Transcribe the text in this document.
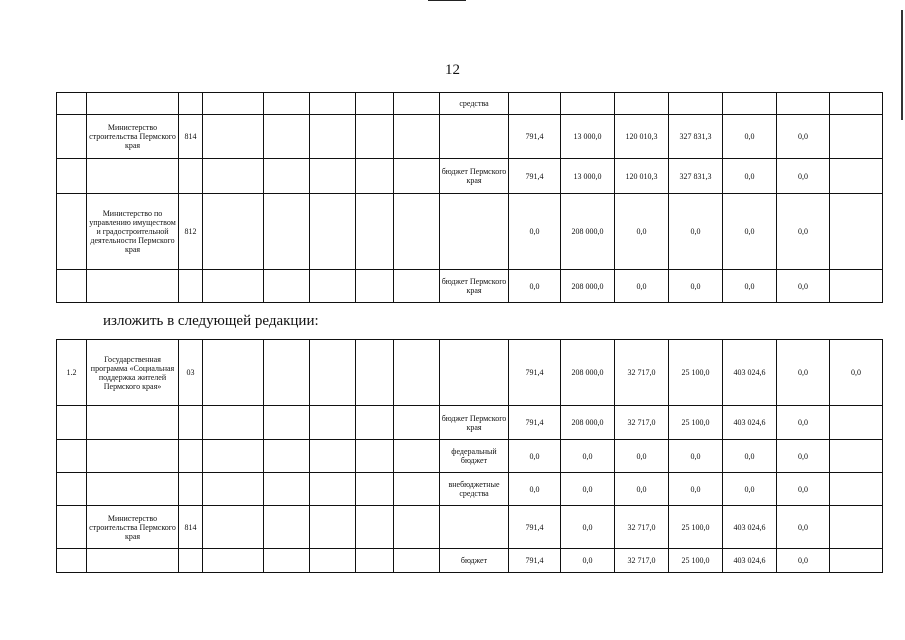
12
								средства							
	Министерство строительства Пермского края	814							791,4	13 000,0	120 010,3	327 831,3	0,0	0,0	
								бюджет Пермского края	791,4	13 000,0	120 010,3	327 831,3	0,0	0,0	
	Министерство по управлению имуществом и градостроительной деятельности Пермского края	812							0,0	208 000,0	0,0	0,0	0,0	0,0	
								бюджет Пермского края	0,0	208 000,0	0,0	0,0	0,0	0,0	
изложить в следующей редакции:
1.2	Государственная программа «Социальная поддержка жителей Пермского края»	03							791,4	208 000,0	32 717,0	25 100,0	403 024,6	0,0	0,0
								бюджет Пермского края	791,4	208 000,0	32 717,0	25 100,0	403 024,6	0,0	
								федеральный бюджет	0,0	0,0	0,0	0,0	0,0	0,0	
								внебюджетные средства	0,0	0,0	0,0	0,0	0,0	0,0	
	Министерство строительства Пермского края	814							791,4	0,0	32 717,0	25 100,0	403 024,6	0,0	
								бюджет	791,4	0,0	32 717,0	25 100,0	403 024,6	0,0	
